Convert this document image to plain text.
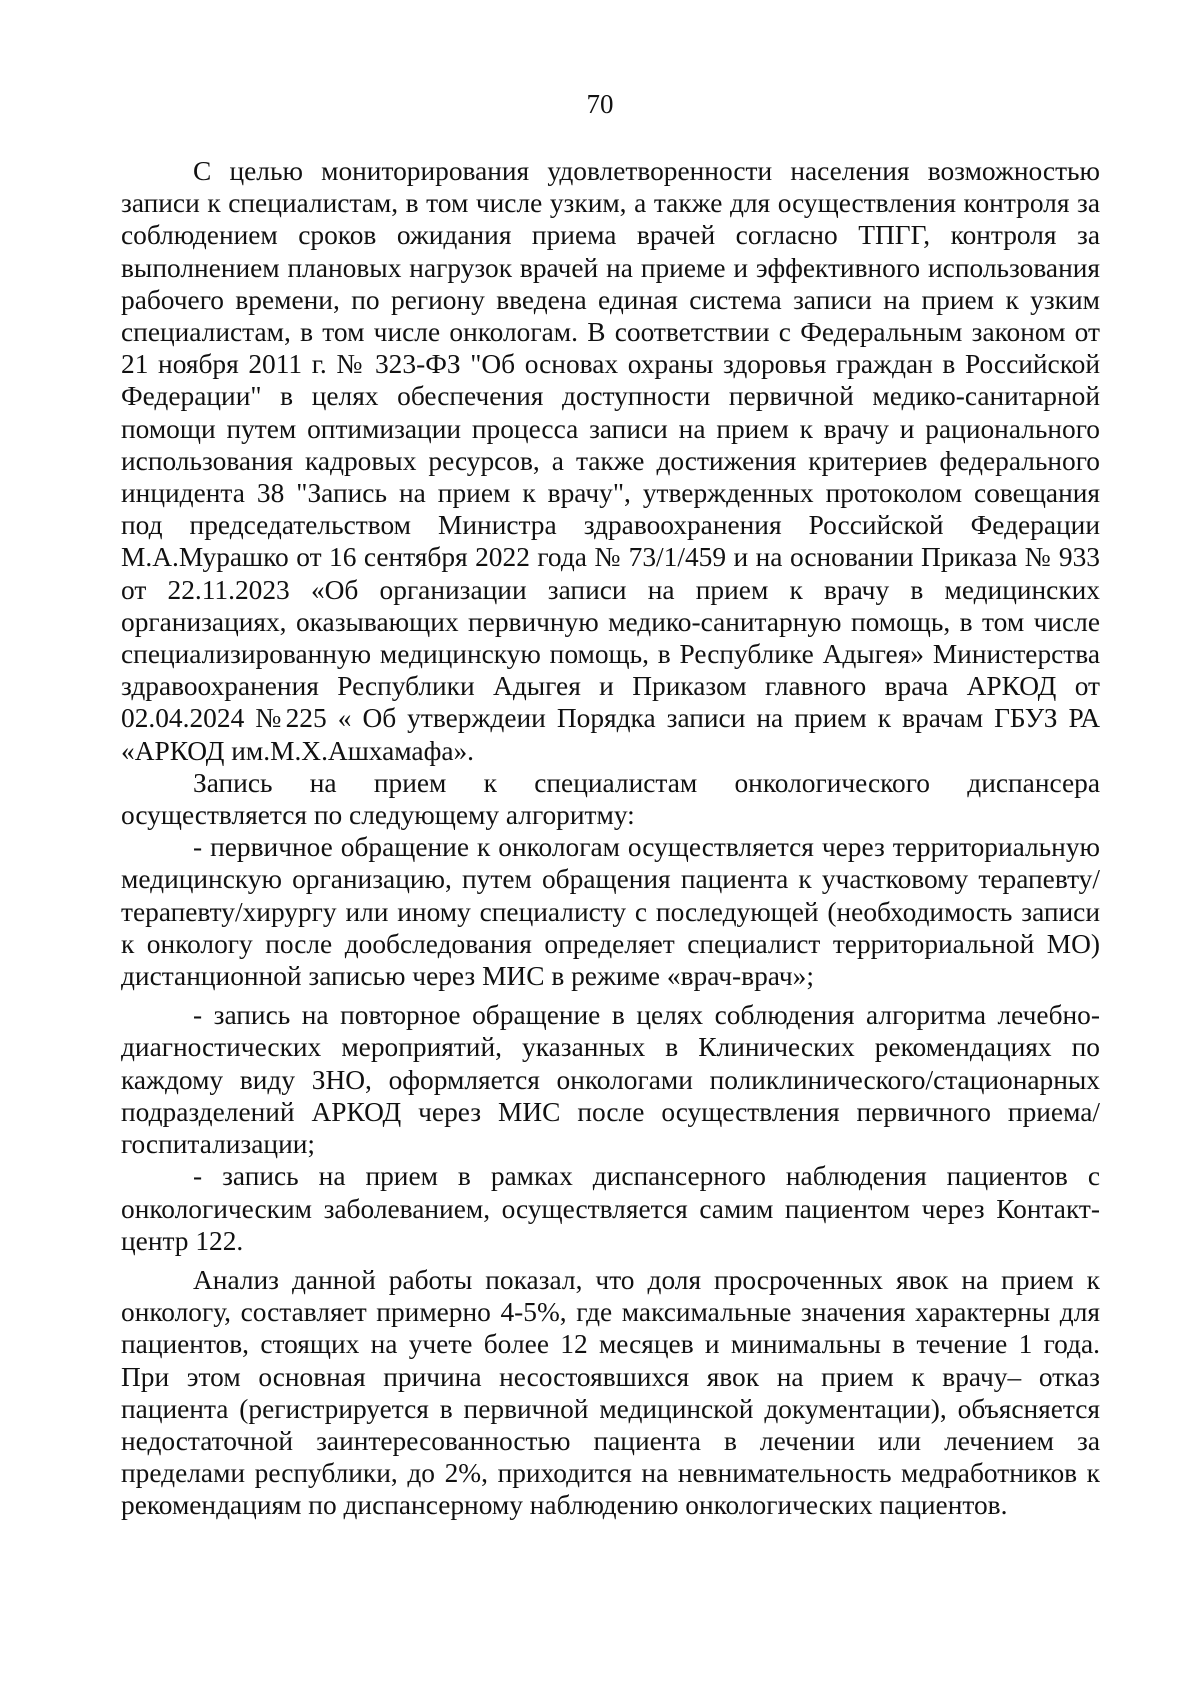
70

С целью мониторирования удовлетворенности населения возможностью записи к специалистам, в том числе узким, а также для осуществления контроля за соблюдением сроков ожидания приема врачей согласно ТПГГ, контроля за выполнением плановых нагрузок врачей на приеме и эффективного использования рабочего времени, по региону введена единая система записи на прием к узким специалистам, в том числе онкологам. В соответствии с Федеральным законом от 21 ноября 2011 г. № 323-ФЗ "Об основах охраны здоровья граждан в Российской Федерации" в целях обеспечения доступности первичной медико-санитарной помощи путем оптимизации процесса записи на прием к врачу и рационального использования кадровых ресурсов, а также достижения критериев федерального инцидента 38 "Запись на прием к врачу", утвержденных протоколом совещания под председательством Министра здравоохранения Российской Федерации М.А.Мурашко от 16 сентября 2022 года № 73/1/459 и на основании Приказа № 933 от 22.11.2023 «Об организации записи на прием к врачу в медицинских организациях, оказывающих первичную медико-санитарную помощь, в том числе специализированную медицинскую помощь, в Республике Адыгея» Министерства здравоохранения Республики Адыгея и Приказом главного врача АРКОД от 02.04.2024 №225 « Об утверждеии Порядка записи на прием к врачам ГБУЗ РА «АРКОД им.М.Х.Ашхамафа».

Запись на прием к специалистам онкологического диспансера осуществляется по следующему алгоритму:

- первичное обращение к онкологам осуществляется через территориальную медицинскую организацию, путем обращения пациента к участковому терапевту/терапевту/хирургу или иному специалисту с последующей (необходимость записи к онкологу после дообследования определяет специалист территориальной МО) дистанционной записью через МИС в режиме «врач-врач»;

- запись на повторное обращение в целях соблюдения алгоритма лечебно-диагностических мероприятий, указанных в Клинических рекомендациях по каждому виду ЗНО, оформляется онкологами поликлинического/стационарных подразделений АРКОД через МИС после осуществления первичного приема/госпитализации;

- запись на прием в рамках диспансерного наблюдения пациентов с онкологическим заболеванием, осуществляется самим пациентом через Контакт-центр 122.

Анализ данной работы показал, что доля просроченных явок на прием к онкологу, составляет примерно 4-5%, где максимальные значения характерны для пациентов, стоящих на учете более 12 месяцев и минимальны в течение 1 года. При этом основная причина несостоявшихся явок на прием к врачу– отказ пациента (регистрируется в первичной медицинской документации), объясняется недостаточной заинтересованностью пациента в лечении или лечением за пределами республики, до 2%, приходится на невнимательность медработников к рекомендациям по диспансерному наблюдению онкологических пациентов.
